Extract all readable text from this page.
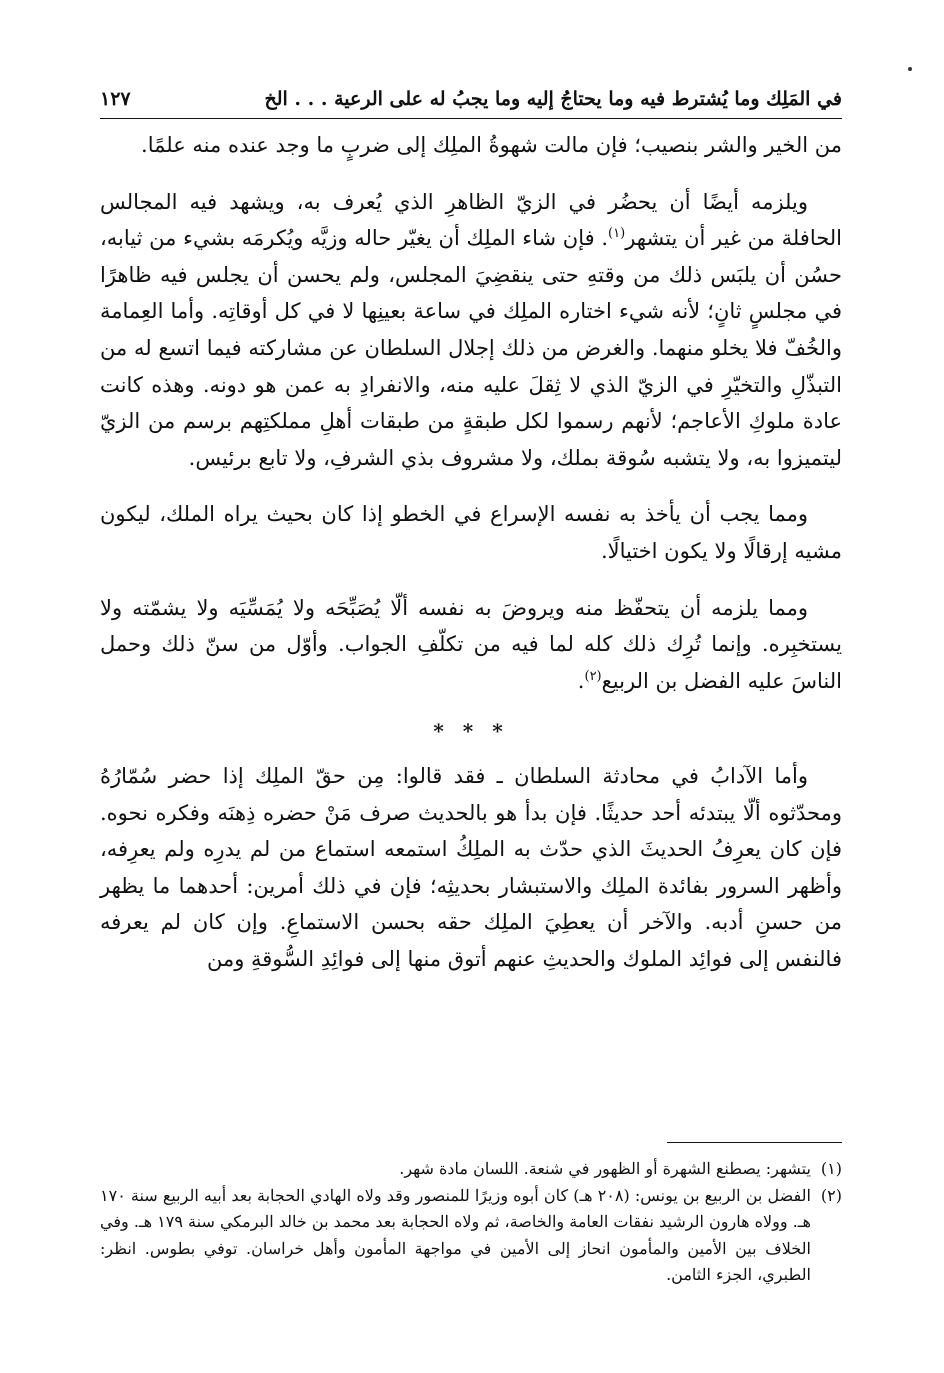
في المَلِك وما يُشترط فيه وما يحتاجُ إليه وما يجبُ له على الرعية . . . الخ
١٢٧

من الخير والشر بنصيب؛ فإن مالت شهوةُ الملِك إلى ضربٍ ما وجد عنده منه علمًا.

ويلزمه أيضًا أن يحضُر في الزيّ الظاهرِ الذي يُعرف به، ويشهد فيه المجالس الحافلة من غير أن يتشهر$^{(١)}$. فإن شاء الملِك أن يغيّر حاله وزيَّه ويُكرمَه بشيء من ثيابه، حسُن أن يلبَس ذلك من وقتهِ حتى ينقضِيَ المجلس، ولم يحسن أن يجلس فيه ظاهرًا في مجلسٍ ثانٍ؛ لأنه شيء اختاره الملِك في ساعة بعينِها لا في كل أوقاتِه. وأما العِمامة والخُفّ فلا يخلو منهما. والغرض من ذلك إجلال السلطان عن مشاركته فيما اتسع له من التبذّلِ والتخيّرِ في الزيّ الذي لا ثِقلَ عليه منه، والانفرادِ به عمن هو دونه. وهذه كانت عادة ملوكِ الأعاجم؛ لأنهم رسموا لكل طبقةٍ من طبقات أهلِ مملكتِهم برسم من الزيّ ليتميزوا به، ولا يتشبه سُوقة بملك، ولا مشروف بذي الشرفِ، ولا تابع برئيس.

ومما يجب أن يأخذ به نفسه الإسراع في الخطو إذا كان بحيث يراه الملك، ليكون مشيه إرقالًا ولا يكون اختيالًا.

ومما يلزمه أن يتحفّظ منه ويروضَ به نفسه ألّا يُصَبِّحَه ولا يُمَسِّيَه ولا يشمّته ولا يستخبِره. وإنما تُرِك ذلك كله لما فيه من تكلّفِ الجواب. وأوّل من سنّ ذلك وحمل الناسَ عليه الفضل بن الربيع$^{(٢)}$.

* * *

وأما الآدابُ في محادثة السلطان ـ فقد قالوا: مِن حقّ الملِك إذا حضر سُمّارُهُ ومحدّثوه ألّا يبتدئه أحد حديثًا. فإن بدأ هو بالحديث صرف مَنْ حضره ذِهنَه وفكره نحوه. فإن كان يعرِفُ الحديثَ الذي حدّث به الملِكُ استمعه استماع من لم يدرِه ولم يعرِفه، وأظهر السرور بفائدة الملِك والاستبشار بحديثِه؛ فإن في ذلك أمرين: أحدهما ما يظهر من حسنِ أدبه. والآخر أن يعطِيَ الملِك حقه بحسن الاستماعِ. وإن كان لم يعرفه فالنفس إلى فوائِد الملوك والحديثِ عنهم أتوق منها إلى فوائِدِ السُّوقةِ ومن

(١)
يتشهر: يصطنع الشهرة أو الظهور في شنعة. اللسان مادة شهر.
(٢)
الفضل بن الربيع بن يونس: (٢٠٨ هـ) كان أبوه وزيرًا للمنصور وقد ولاه الهادي الحجابة بعد أبيه الربيع سنة ١٧٠ هـ. وولاه هارون الرشيد نفقات العامة والخاصة، ثم ولاه الحجابة بعد محمد بن خالد البرمكي سنة ١٧٩ هـ. وفي الخلاف بين الأمين والمأمون انحاز إلى الأمين في مواجهة المأمون وأهل خراسان. توفي بطوس. انظر: الطبري، الجزء الثامن.
